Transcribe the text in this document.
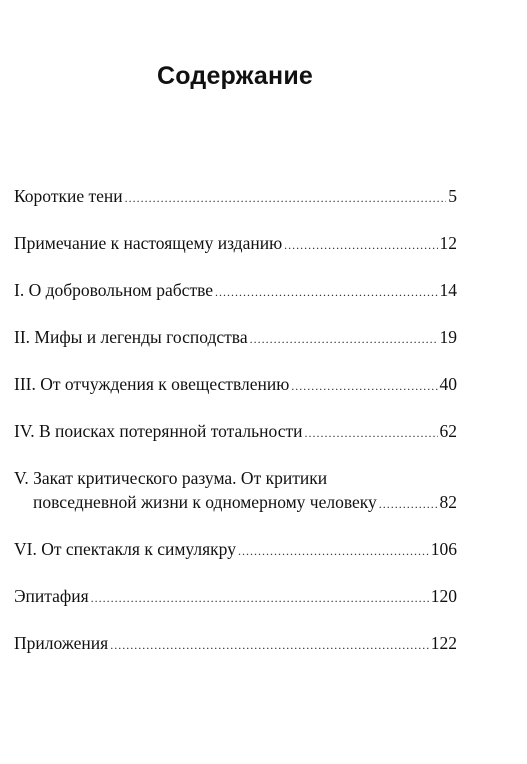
Содержание
Короткие тени .....	5
Примечание к настоящему изданию .....	12
I. О добровольном рабстве .....	14
II. Мифы и легенды господства .....	19
III. От отчуждения к овеществлению .....	40
IV. В поисках потерянной тотальности .....	62
V. Закат критического разума. От критики
повседневной жизни к одномерному человеку .....	82
VI. От спектакля к симулякру .....	106
Эпитафия .....	120
Приложения .....	122
